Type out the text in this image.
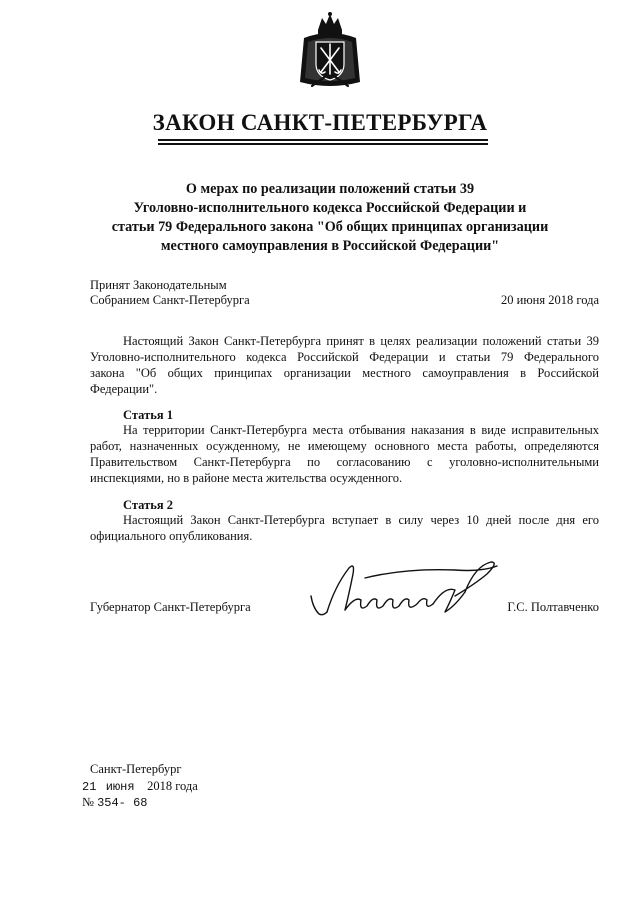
ЗАКОН САНКТ-ПЕТЕРБУРГА
О мерах по реализации положений статьи 39
Уголовно-исполнительного кодекса Российской Федерации и
статьи 79 Федерального закона "Об общих принципах организации
местного самоуправления в Российской Федерации"
Принят Законодательным
Собранием Санкт-Петербурга	20 июня 2018 года
Настоящий Закон Санкт-Петербурга принят в целях реализации положений статьи 39
Уголовно-исполнительного кодекса Российской Федерации и статьи 79 Федерального
закона "Об общих принципах организации местного самоуправления в Российской
Федерации".
Статья 1
На территории Санкт-Петербурга места отбывания наказания в виде исправительных
работ, назначенных осужденному, не имеющему основного места работы, определяются
Правительством Санкт-Петербурга по согласованию с уголовно-исполнительными
инспекциями, но в районе места жительства осужденного.
Статья 2
Настоящий Закон Санкт-Петербурга вступает в силу через 10 дней после дня его
официального опубликования.
Губернатор Санкт-Петербурга	Г.С. Полтавченко
Санкт-Петербург
21 июня 2018 года
№ 354- 68
